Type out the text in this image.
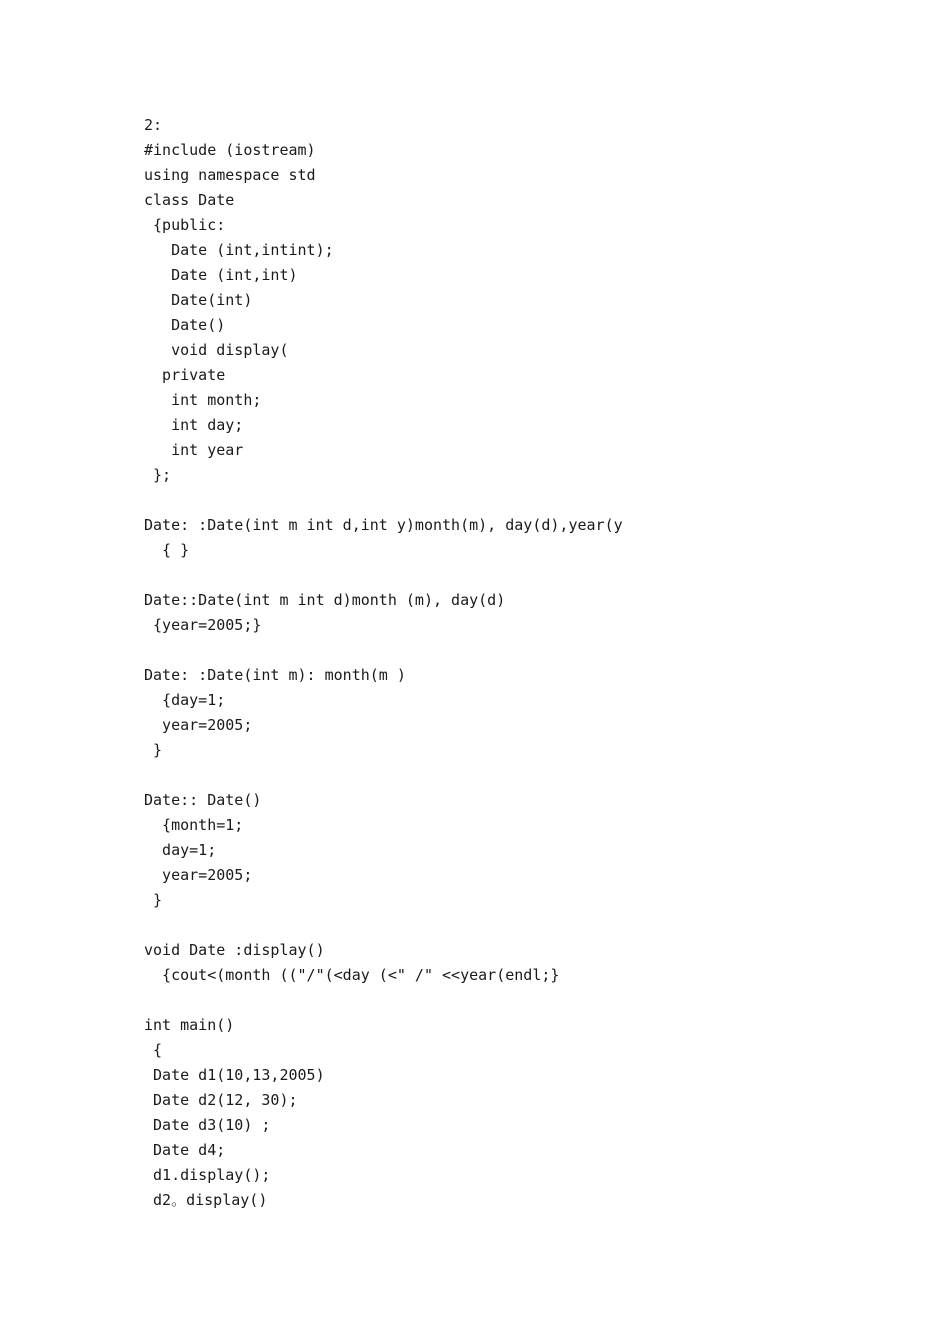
2:
#include (iostream)
using namespace std
class Date
{public:
Date (int,intint);
Date (int,int)
Date(int)
Date()
void display(
private
int month;
int day;
int year
};
Date: :Date(int m int d,int y)month(m), day(d),year(y
{ }
Date::Date(int m int d)month (m), day(d)
{year=2005;}
Date: :Date(int m): month(m )
{day=1;
year=2005;
}
Date:: Date()
{month=1;
day=1;
year=2005;
}
void Date :display()
{cout<(month (("/"(<day (<" /" <<year(endl;}
int main()
{
Date d1(10,13,2005)
Date d2(12, 30);
Date d3(10) ;
Date d4;
d1.display();
d2。display()
